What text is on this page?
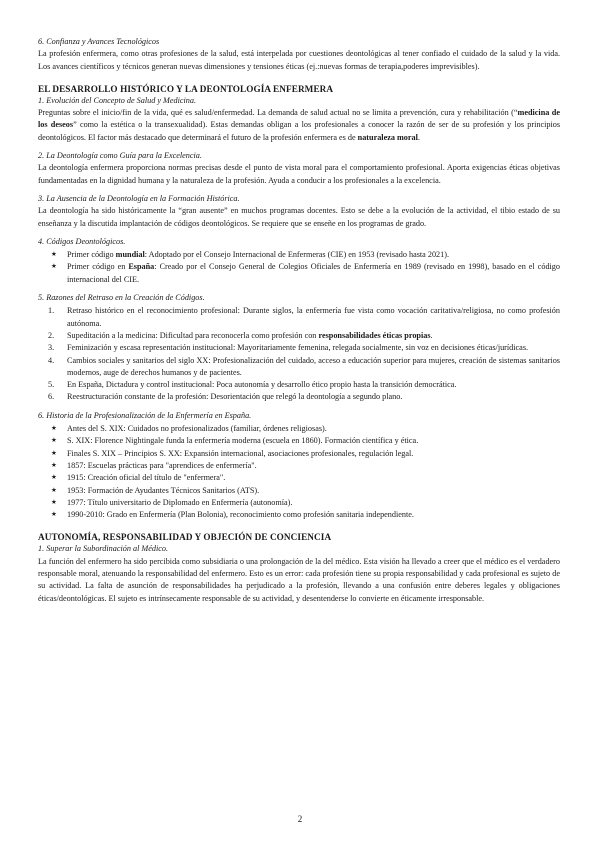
6. Confianza y Avances Tecnológicos

La profesión enfermera, como otras profesiones de la salud, está interpelada por cuestiones deontológicas al tener confiado el cuidado de la salud y la vida. Los avances científicos y técnicos generan nuevas dimensiones y tensiones éticas (ej.:nuevas formas de terapia,poderes imprevisibles).

EL DESARROLLO HISTÓRICO Y LA DEONTOLOGÍA ENFERMERA
1. Evolución del Concepto de Salud y Medicina.

Preguntas sobre el inicio/fin de la vida, qué es salud/enfermedad. La demanda de salud actual no se limita a prevención, cura y rehabilitación (“medicina de los deseos” como la estética o la transexualidad). Estas demandas obligan a los profesionales a conocer la razón de ser de su profesión y los principios deontológicos. El factor más destacado que determinará el futuro de la profesión enfermera es de naturaleza moral.

2. La Deontología como Guía para la Excelencia.

La deontología enfermera proporciona normas precisas desde el punto de vista moral para el comportamiento profesional. Aporta exigencias éticas objetivas fundamentadas en la dignidad humana y la naturaleza de la profesión. Ayuda a conducir a los profesionales a la excelencia.

3. La Ausencia de la Deontología en la Formación Histórica.

La deontología ha sido históricamente la “gran ausente” en muchos programas docentes. Esto se debe a la evolución de la actividad, el tibio estado de su enseñanza y la discutida implantación de códigos deontológicos. Se requiere que se enseñe en los programas de grado.

4. Códigos Deontológicos.
★ Primer código mundial: Adoptado por el Consejo Internacional de Enfermeras (CIE) en 1953 (revisado hasta 2021).
★ Primer código en España: Creado por el Consejo General de Colegios Oficiales de Enfermería en 1989 (revisado en 1998), basado en el código internacional del CIE.
5. Razones del Retraso en la Creación de Códigos.
1. Retraso histórico en el reconocimiento profesional: Durante siglos, la enfermería fue vista como vocación caritativa/religiosa, no como profesión autónoma.
2. Supeditación a la medicina: Dificultad para reconocerla como profesión con responsabilidades éticas propias.
3. Feminización y escasa representación institucional: Mayoritariamente femenina, relegada socialmente, sin voz en decisiones éticas/jurídicas.
4. Cambios sociales y sanitarios del siglo XX: Profesionalización del cuidado, acceso a educación superior para mujeres, creación de sistemas sanitarios modernos, auge de derechos humanos y de pacientes.
5. En España, Dictadura y control institucional: Poca autonomía y desarrollo ético propio hasta la transición democrática.
6. Reestructuración constante de la profesión: Desorientación que relegó la deontología a segundo plano.
6. Historia de la Profesionalización de la Enfermería en España.
★ Antes del S. XIX: Cuidados no profesionalizados (familiar, órdenes religiosas).
★ S. XIX: Florence Nightingale funda la enfermería moderna (escuela en 1860). Formación científica y ética.
★ Finales S. XIX – Principios S. XX: Expansión internacional, asociaciones profesionales, regulación legal.
★ 1857: Escuelas prácticas para "aprendices de enfermería".
★ 1915: Creación oficial del título de "enfermera".
★ 1953: Formación de Ayudantes Técnicos Sanitarios (ATS).
★ 1977: Título universitario de Diplomado en Enfermería (autonomía).
★ 1990-2010: Grado en Enfermería (Plan Bolonia), reconocimiento como profesión sanitaria independiente.
AUTONOMÍA, RESPONSABILIDAD Y OBJECIÓN DE CONCIENCIA
1. Superar la Subordinación al Médico.

La función del enfermero ha sido percibida como subsidiaria o una prolongación de la del médico. Esta visión ha llevado a creer que el médico es el verdadero responsable moral, atenuando la responsabilidad del enfermero. Esto es un error: cada profesión tiene su propia responsabilidad y cada profesional es sujeto de su actividad. La falta de asunción de responsabilidades ha perjudicado a la profesión, llevando a una confusión entre deberes legales y obligaciones éticas/deontológicas. El sujeto es intrínsecamente responsable de su actividad, y desentenderse lo convierte en éticamente irresponsable.

2
